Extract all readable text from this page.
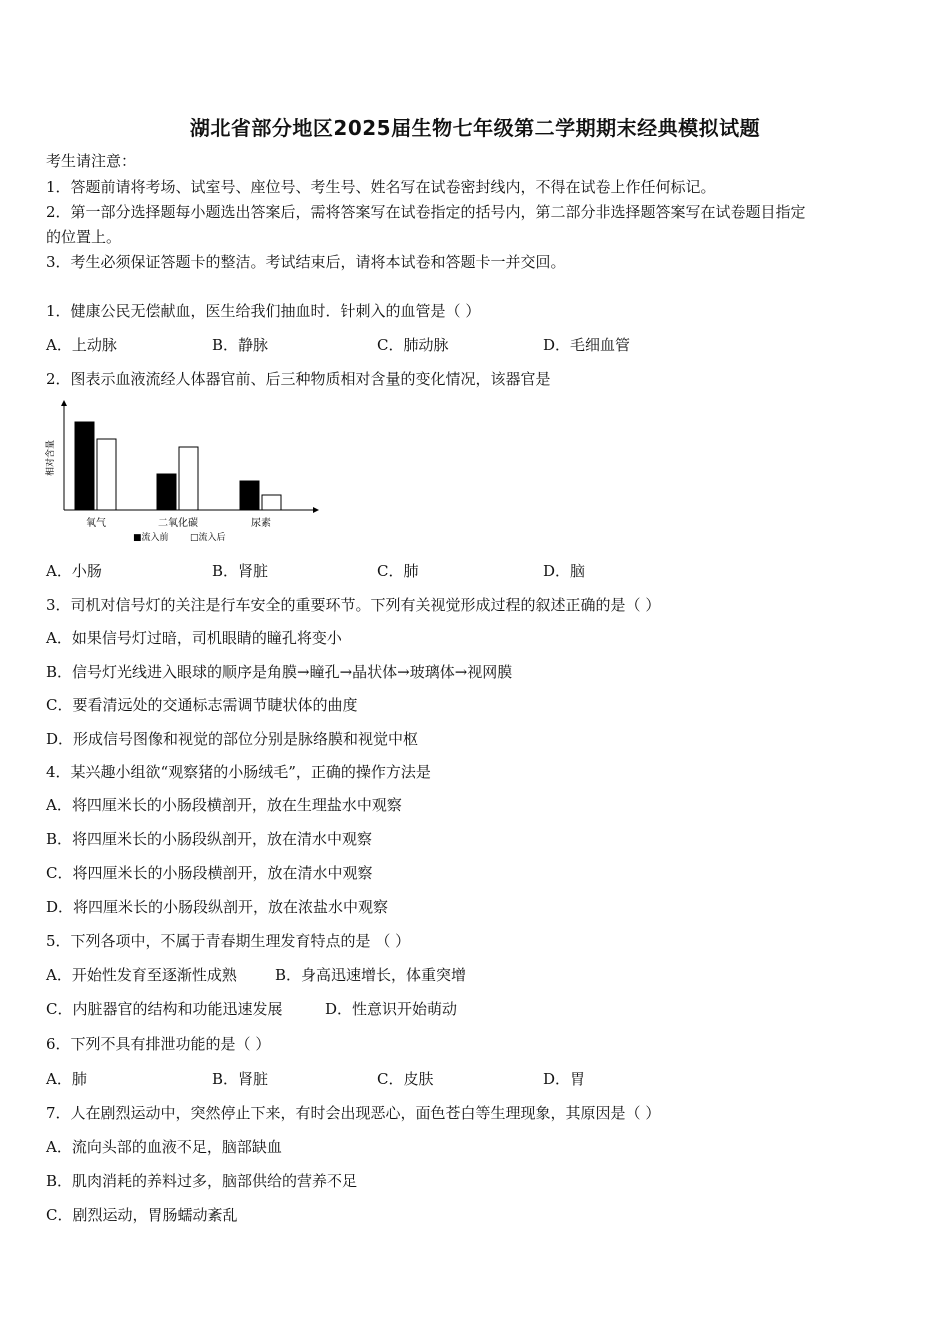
湖北省部分地区2025届生物七年级第二学期期末经典模拟试题
考生请注意：
1．答题前请将考场、试室号、座位号、考生号、姓名写在试卷密封线内，不得在试卷上作任何标记。
2．第一部分选择题每小题选出答案后，需将答案写在试卷指定的括号内，第二部分非选择题答案写在试卷题目指定
的位置上。
3．考生必须保证答题卡的整洁。考试结束后，请将本试卷和答题卡一并交回。
1．健康公民无偿献血，医生给我们抽血时．针刺入的血管是（ ）
A．上动脉	B．静脉	C．肺动脉	D．毛细血管
2．图表示血液流经人体器官前、后三种物质相对含量的变化情况，该器官是
相对含量
氧气	二氧化碳	尿素
■流入前 □流入后
A．小肠	B．肾脏	C．肺	D．脑
3．司机对信号灯的关注是行车安全的重要环节。下列有关视觉形成过程的叙述正确的是（ ）
A．如果信号灯过暗，司机眼睛的瞳孔将变小
B．信号灯光线进入眼球的顺序是角膜→瞳孔→晶状体→玻璃体→视网膜
C．要看清远处的交通标志需调节睫状体的曲度
D．形成信号图像和视觉的部位分别是脉络膜和视觉中枢
4．某兴趣小组欲“观察猪的小肠绒毛”，正确的操作方法是
A．将四厘米长的小肠段横剖开，放在生理盐水中观察
B．将四厘米长的小肠段纵剖开，放在清水中观察
C．将四厘米长的小肠段横剖开，放在清水中观察
D．将四厘米长的小肠段纵剖开，放在浓盐水中观察
5．下列各项中，不属于青春期生理发育特点的是 （ ）
A．开始性发育至逐渐性成熟	B．身高迅速增长，体重突增
C．内脏器官的结构和功能迅速发展	D．性意识开始萌动
6．下列不具有排泄功能的是（ ）
A．肺	B．肾脏	C．皮肤	D．胃
7．人在剧烈运动中，突然停止下来，有时会出现恶心，面色苍白等生理现象，其原因是（ ）
A．流向头部的血液不足，脑部缺血
B．肌肉消耗的养料过多，脑部供给的营养不足
C．剧烈运动，胃肠蠕动紊乱
